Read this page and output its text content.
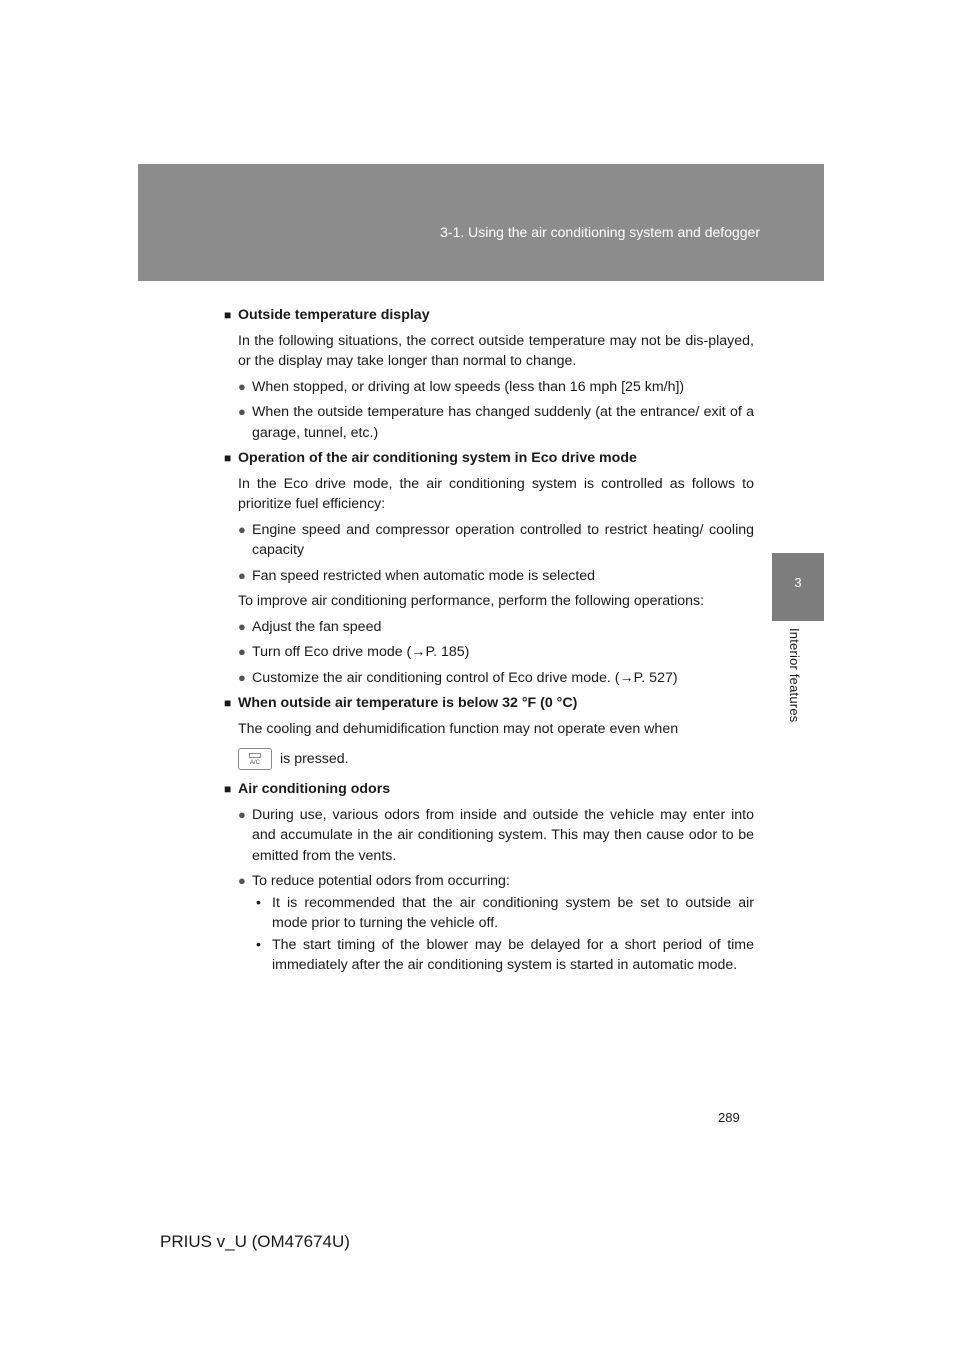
3-1. Using the air conditioning system and defogger
3
Interior features
■ Outside temperature display
In the following situations, the correct outside temperature may not be dis-played, or the display may take longer than normal to change.
● When stopped, or driving at low speeds (less than 16 mph [25 km/h])
● When the outside temperature has changed suddenly (at the entrance/ exit of a garage, tunnel, etc.)
■ Operation of the air conditioning system in Eco drive mode
In the Eco drive mode, the air conditioning system is controlled as follows to prioritize fuel efficiency:
● Engine speed and compressor operation controlled to restrict heating/ cooling capacity
● Fan speed restricted when automatic mode is selected
To improve air conditioning performance, perform the following operations:
● Adjust the fan speed
● Turn off Eco drive mode (→P. 185)
● Customize the air conditioning control of Eco drive mode. (→P. 527)
■ When outside air temperature is below 32 °F (0 °C)
The cooling and dehumidification function may not operate even when
A/C is pressed.
■ Air conditioning odors
● During use, various odors from inside and outside the vehicle may enter into and accumulate in the air conditioning system. This may then cause odor to be emitted from the vents.
● To reduce potential odors from occurring:
• It is recommended that the air conditioning system be set to outside air mode prior to turning the vehicle off.
• The start timing of the blower may be delayed for a short period of time immediately after the air conditioning system is started in automatic mode.
289
PRIUS v_U (OM47674U)
